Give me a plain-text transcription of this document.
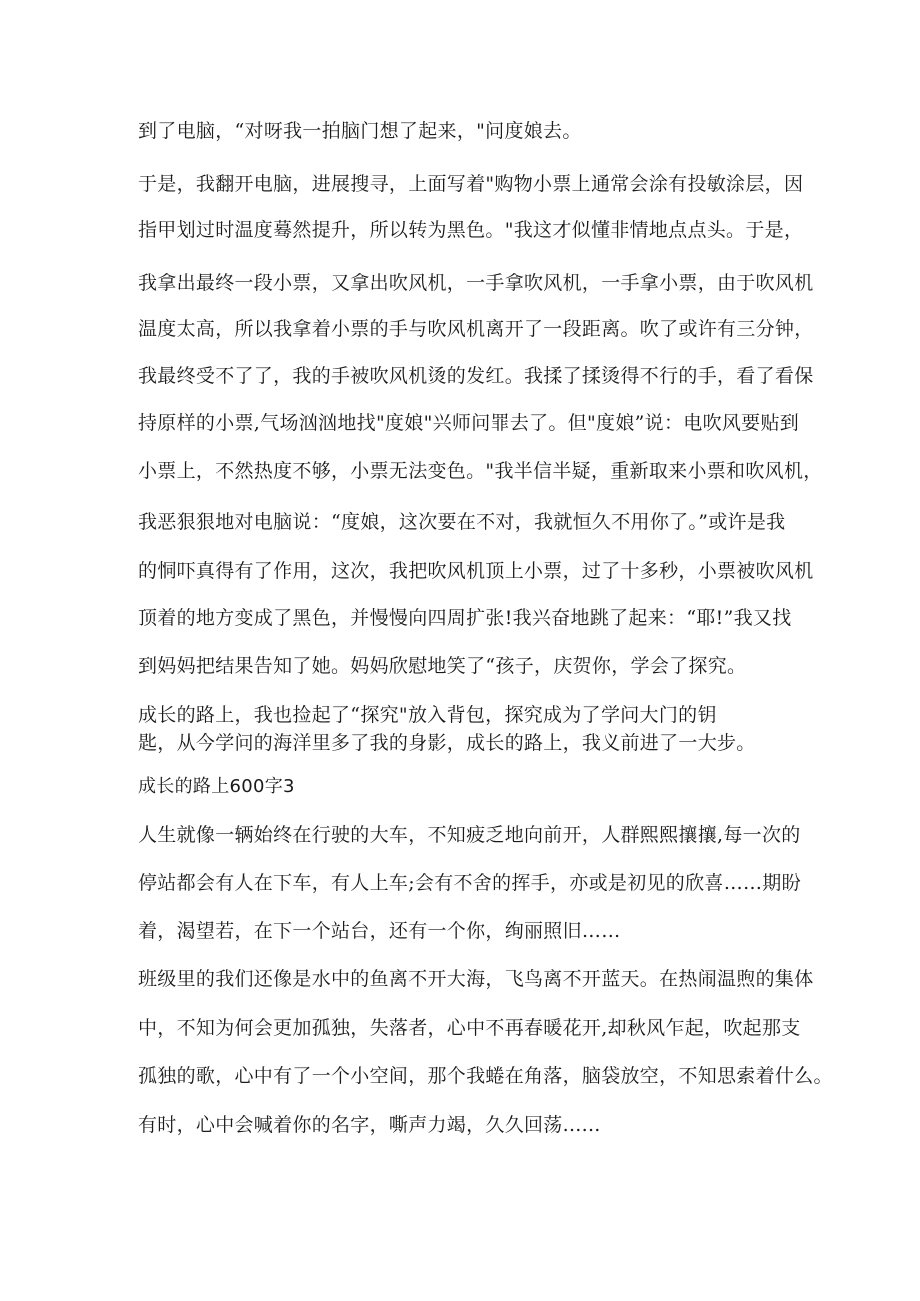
到了电脑，“对呀我一拍脑门想了起来，"问度娘去。
于是，我翻开电脑，进展搜寻，上面写着"购物小票上通常会涂有投敏涂层，因
指甲划过时温度蓦然提升，所以转为黑色。"我这才似懂非情地点点头。于是，
我拿出最终一段小票，又拿出吹风机，一手拿吹风机，一手拿小票，由于吹风机
温度太高，所以我拿着小票的手与吹风机离开了一段距离。吹了或许有三分钟，
我最终受不了了，我的手被吹风机烫的发红。我揉了揉烫得不行的手，看了看保
持原样的小票,气场汹汹地找"度娘"兴师问罪去了。但"度娘”说：电吹风要贴到
小票上，不然热度不够，小票无法变色。"我半信半疑，重新取来小票和吹风机，
我恶狠狠地对电脑说：“度娘，这次要在不对，我就恒久不用你了。”或许是我
的恫吓真得有了作用，这次，我把吹风机顶上小票，过了十多秒，小票被吹风机
顶着的地方变成了黑色，并慢慢向四周扩张!我兴奋地跳了起来：“耶!”我又找
到妈妈把结果告知了她。妈妈欣慰地笑了“孩子，庆贺你，学会了探究。
成长的路上，我也捡起了“探究"放入背包，探究成为了学问大门的钥
匙，从今学问的海洋里多了我的身影，成长的路上，我义前进了一大步。
成长的路上600字3
人生就像一辆始终在行驶的大车，不知疲乏地向前开，人群熙熙攘攘,每一次的
停站都会有人在下车，有人上车;会有不舍的挥手，亦或是初见的欣喜……期盼
着，渴望若，在下一个站台，还有一个你，绚丽照旧……
班级里的我们还像是水中的鱼离不开大海，飞鸟离不开蓝天。在热闹温煦的集体
中，不知为何会更加孤独，失落者，心中不再春暖花开,却秋风乍起，吹起那支
孤独的歌，心中有了一个小空间，那个我蜷在角落，脑袋放空，不知思索着什么。
有时，心中会喊着你的名字，嘶声力竭，久久回荡......
